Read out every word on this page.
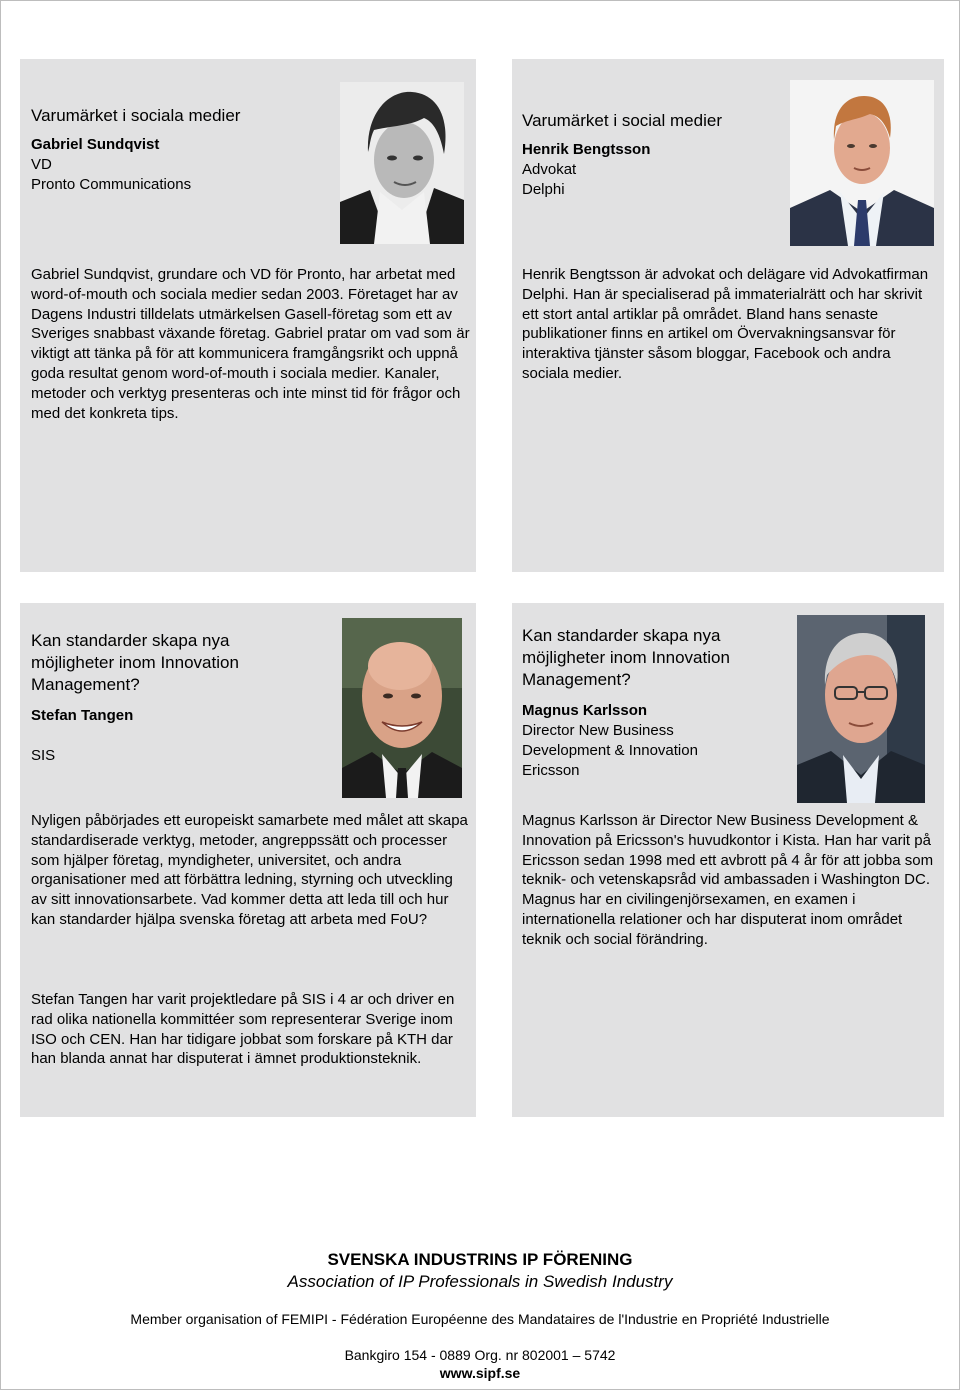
Varumärket i sociala medier
Gabriel Sundqvist
VD
Pronto Communications

Gabriel Sundqvist, grundare och VD för Pronto, har arbetat med word-of-mouth och sociala medier sedan 2003. Företaget har av Dagens Industri tilldelats utmärkelsen Gasell-företag som ett av Sveriges snabbast växande företag. Gabriel pratar om vad som är viktigt att tänka på för att kommunicera framgångsrikt och uppnå goda resultat genom word-of-mouth i sociala medier. Kanaler, metoder och verktyg presenteras och inte minst tid för frågor och med det konkreta tips.

Varumärket i social medier
Henrik Bengtsson
Advokat
Delphi

Henrik Bengtsson är advokat och delägare vid Advokatfirman Delphi. Han är specialiserad på immaterialrätt och har skrivit ett stort antal artiklar på området. Bland hans senaste publikationer finns en artikel om Övervakningsansvar för interaktiva tjänster såsom bloggar, Facebook och andra sociala medier.

Kan standarder skapa nya möjligheter inom Innovation Management?
Stefan Tangen
SIS

Nyligen påbörjades ett europeiskt samarbete med målet att skapa standardiserade verktyg, metoder, angreppssätt och processer som hjälper företag, myndigheter, universitet, och andra organisationer med att förbättra ledning, styrning och utveckling av sitt innovationsarbete. Vad kommer detta att leda till och hur kan standarder hjälpa svenska företag att arbeta med FoU?

Stefan Tangen har varit projektledare på SIS i 4 ar och driver en rad olika nationella kommittéer som representerar Sverige inom ISO och CEN. Han har tidigare jobbat som forskare på KTH dar han blanda annat har disputerat i ämnet produktionsteknik.

Kan standarder skapa nya möjligheter inom Innovation Management?
Magnus Karlsson
Director New Business
Development & Innovation
Ericsson

Magnus Karlsson är Director New Business Development & Innovation på Ericsson's huvudkontor i Kista. Han har varit på Ericsson sedan 1998 med ett avbrott på 4 år för att jobba som teknik- och vetenskapsråd vid ambassaden i Washington DC. Magnus har en civilingenjörsexamen, en examen i internationella relationer och har disputerat inom området teknik och social förändring.

SVENSKA INDUSTRINS IP FÖRENING
Association of IP Professionals in Swedish Industry
Member organisation of FEMIPI - Fédération Européenne des Mandataires de l'Industrie en Propriété Industrielle
Bankgiro 154 - 0889 Org. nr 802001 – 5742
www.sipf.se
